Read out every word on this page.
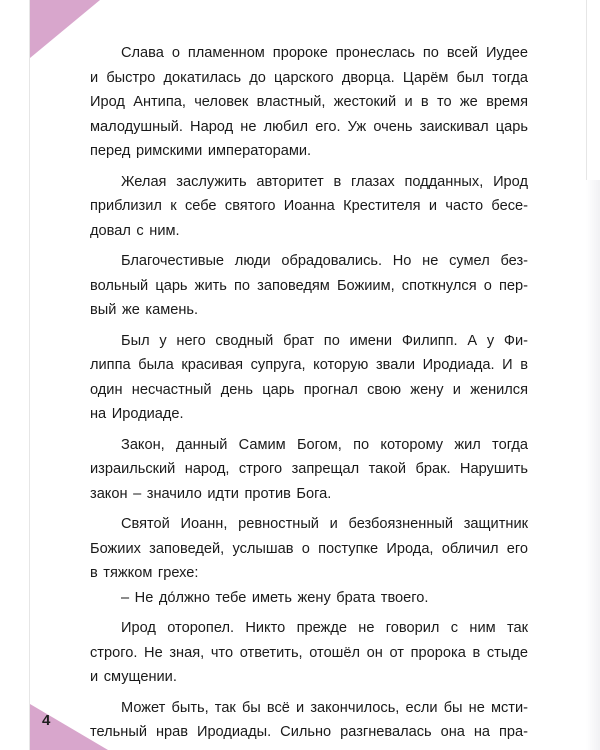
4
Слава о пламенном пророке пронеслась по всей Иудее
и быстро докатилась до царского дворца. Царём был тогда
Ирод Антипа, человек властный, жестокий и в то же время
малодушный. Народ не любил его. Уж очень заискивал царь
перед римскими императорами.
Желая заслужить авторитет в глазах подданных, Ирод
приблизил к себе святого Иоанна Крестителя и часто бесе-
довал с ним.
Благочестивые люди обрадовались. Но не сумел без-
вольный царь жить по заповедям Божиим, споткнулся о пер-
вый же камень.
Был у него сводный брат по имени Филипп. А у Фи-
липпа была красивая супруга, которую звали Иродиада. И в
один несчастный день царь прогнал свою жену и женился
на Иродиаде.
Закон, данный Самим Богом, по которому жил тогда
израильский народ, строго запрещал такой брак. Нарушить
закон – значило идти против Бога.
Святой Иоанн, ревностный и безбоязненный защитник
Божиих заповедей, услышав о поступке Ирода, обличил его
в тяжком грехе:
– Не до́лжно тебе иметь жену брата твоего.
Ирод оторопел. Никто прежде не говорил с ним так
строго. Не зная, что ответить, отошёл он от пророка в стыде
и смущении.
Может быть, так бы всё и закончилось, если бы не мсти-
тельный нрав Иродиады. Сильно разгневалась она на пра-
